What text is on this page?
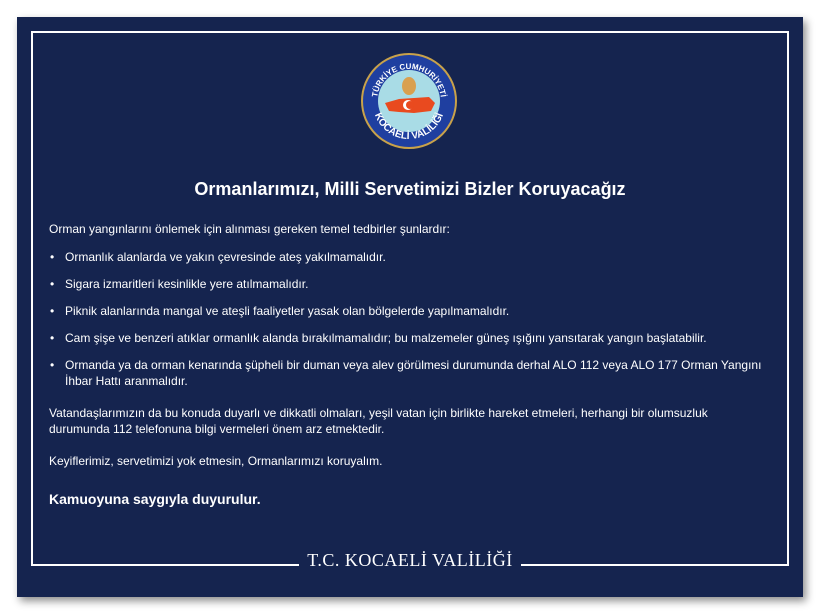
TÜRKİYE CUMHURİYETİ
KOCAELİ VALİLİĞİ
Ormanlarımızı, Milli Servetimizi Bizler Koruyacağız

Orman yangınlarını önlemek için alınması gereken temel tedbirler şunlardır:

• Ormanlık alanlarda ve yakın çevresinde ateş yakılmamalıdır.
• Sigara izmaritleri kesinlikle yere atılmamalıdır.
• Piknik alanlarında mangal ve ateşli faaliyetler yasak olan bölgelerde yapılmamalıdır.
• Cam şişe ve benzeri atıklar ormanlık alanda bırakılmamalıdır; bu malzemeler güneş ışığını yansıtarak yangın başlatabilir.
• Ormanda ya da orman kenarında şüpheli bir duman veya alev görülmesi durumunda derhal ALO 112 veya ALO 177 Orman Yangını İhbar Hattı aranmalıdır.

Vatandaşlarımızın da bu konuda duyarlı ve dikkatli olmaları, yeşil vatan için birlikte hareket etmeleri, herhangi bir olumsuzluk durumunda 112 telefonuna bilgi vermeleri önem arz etmektedir.

Keyiflerimiz, servetimizi yok etmesin, Ormanlarımızı koruyalım.

Kamuoyuna saygıyla duyurulur.

T.C. KOCAELİ VALİLİĞİ
